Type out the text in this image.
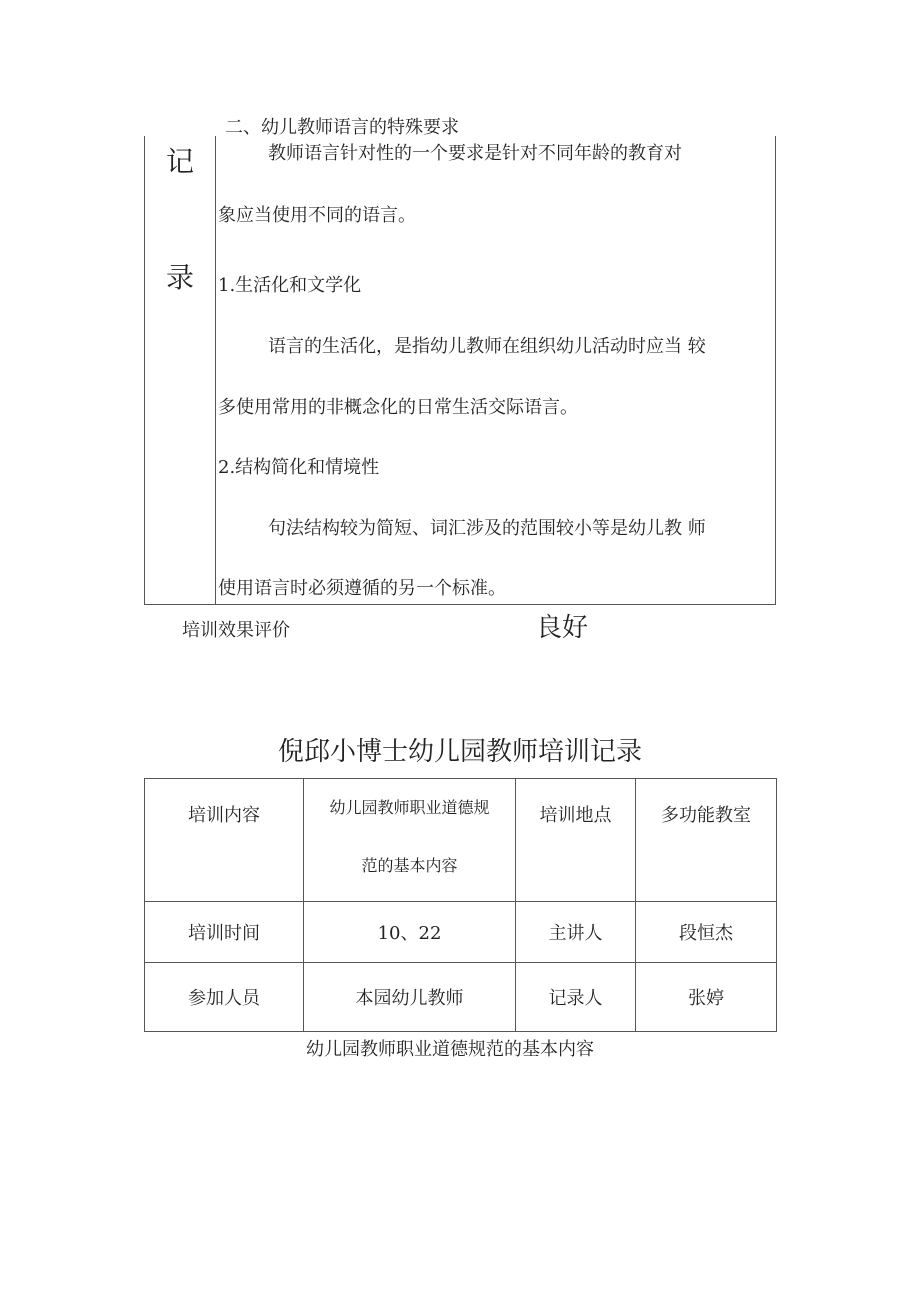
二、幼儿教师语言的特殊要求
记
录
教师语言针对性的一个要求是针对不同年龄的教育对
象应当使用不同的语言。
1.生活化和文学化
语言的生活化，是指幼儿教师在组织幼儿活动时应当 较
多使用常用的非概念化的日常生活交际语言。
2.结构简化和情境性
句法结构较为简短、词汇涉及的范围较小等是幼儿教 师
使用语言时必须遵循的另一个标准。
培训效果评价	良好
倪邱小博士幼儿园教师培训记录
培训内容	幼儿园教师职业道德规
范的基本内容	培训地点	多功能教室
培训时间	10、22	主讲人	段恒杰
参加人员	本园幼儿教师	记录人	张婷
幼儿园教师职业道德规范的基本内容
